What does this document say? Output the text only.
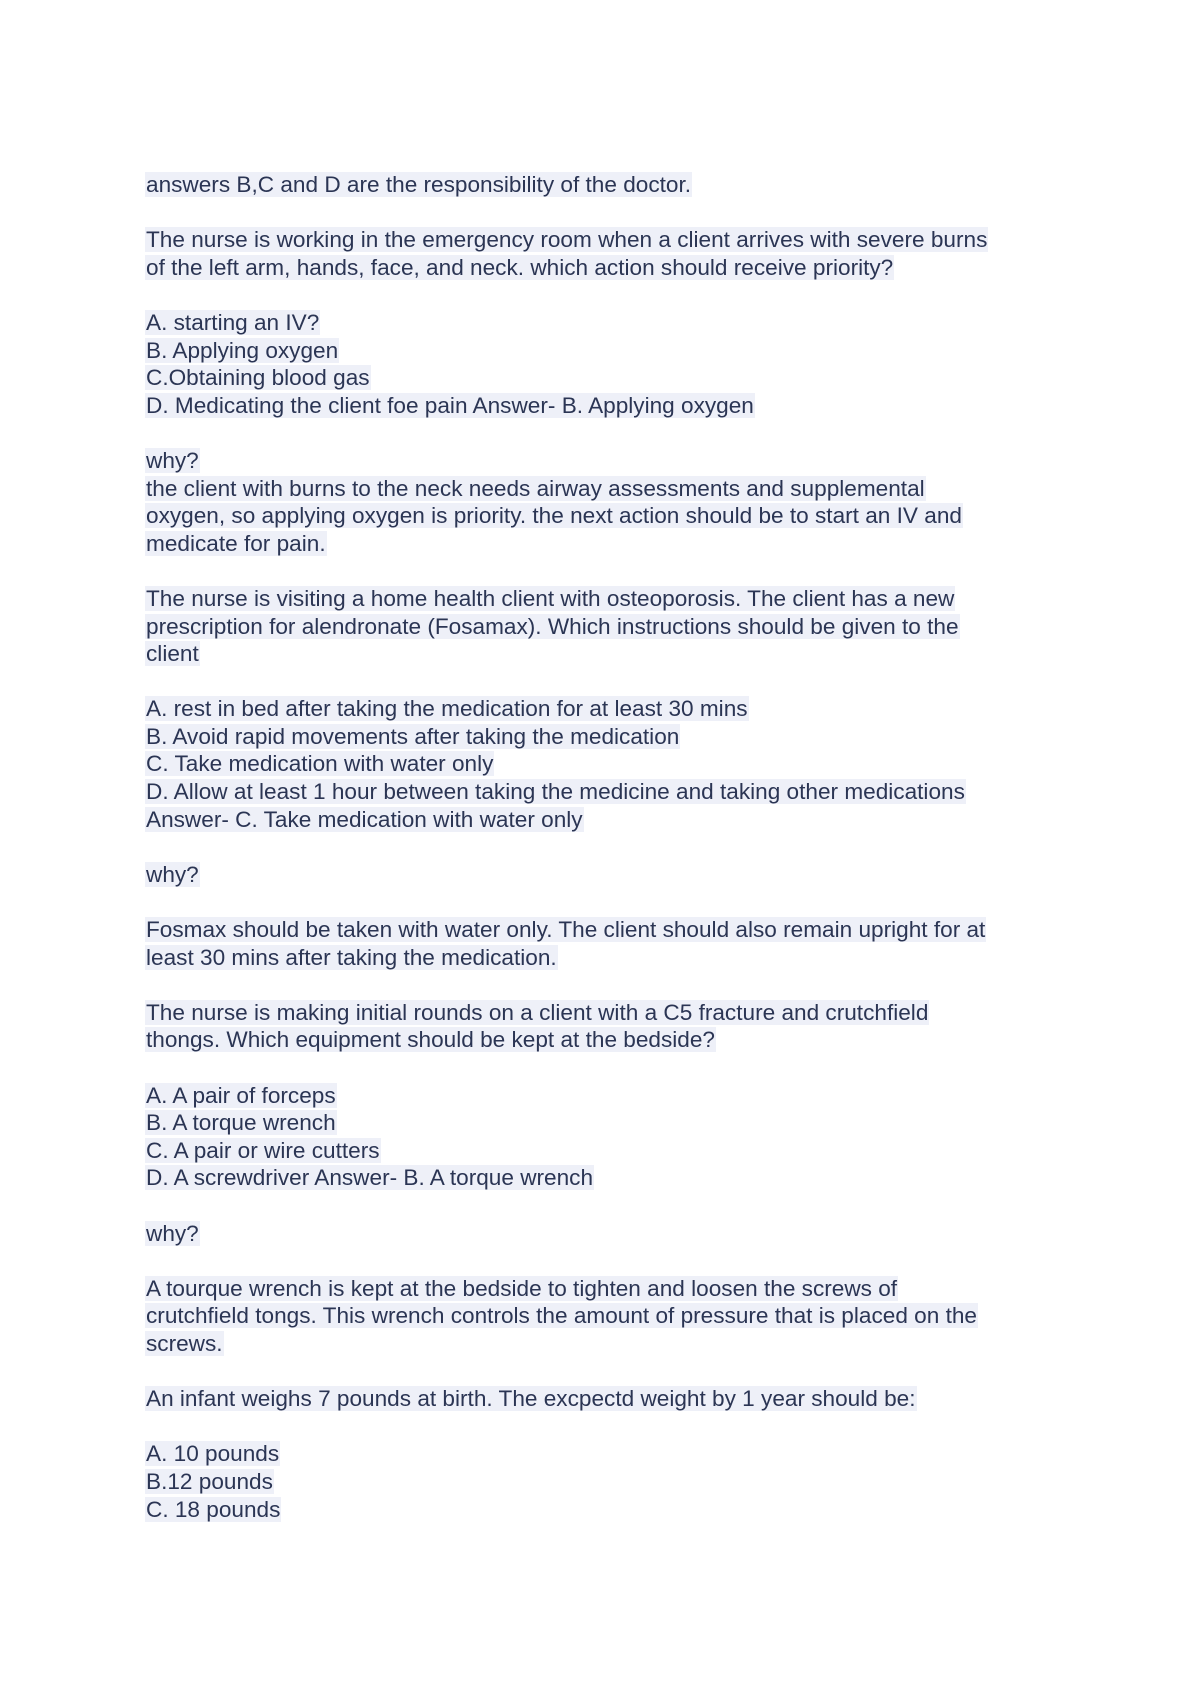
answers B,C and D are the responsibility of the doctor.
The nurse is working in the emergency room when a client arrives with severe burns
of the left arm, hands, face, and neck. which action should receive priority?
A. starting an IV?
B. Applying oxygen
C.Obtaining blood gas
D. Medicating the client foe pain Answer- B. Applying oxygen
why?
the client with burns to the neck needs airway assessments and supplemental
oxygen, so applying oxygen is priority. the next action should be to start an IV and
medicate for pain.
The nurse is visiting a home health client with osteoporosis. The client has a new
prescription for alendronate (Fosamax). Which instructions should be given to the
client
A. rest in bed after taking the medication for at least 30 mins
B. Avoid rapid movements after taking the medication
C. Take medication with water only
D. Allow at least 1 hour between taking the medicine and taking other medications
Answer- C. Take medication with water only
why?
Fosmax should be taken with water only. The client should also remain upright for at
least 30 mins after taking the medication.
The nurse is making initial rounds on a client with a C5 fracture and crutchfield
thongs. Which equipment should be kept at the bedside?
A. A pair of forceps
B. A torque wrench
C. A pair or wire cutters
D. A screwdriver Answer- B. A torque wrench
why?
A tourque wrench is kept at the bedside to tighten and loosen the screws of
crutchfield tongs. This wrench controls the amount of pressure that is placed on the
screws.
An infant weighs 7 pounds at birth. The excpectd weight by 1 year should be:
A. 10 pounds
B.12 pounds
C. 18 pounds
